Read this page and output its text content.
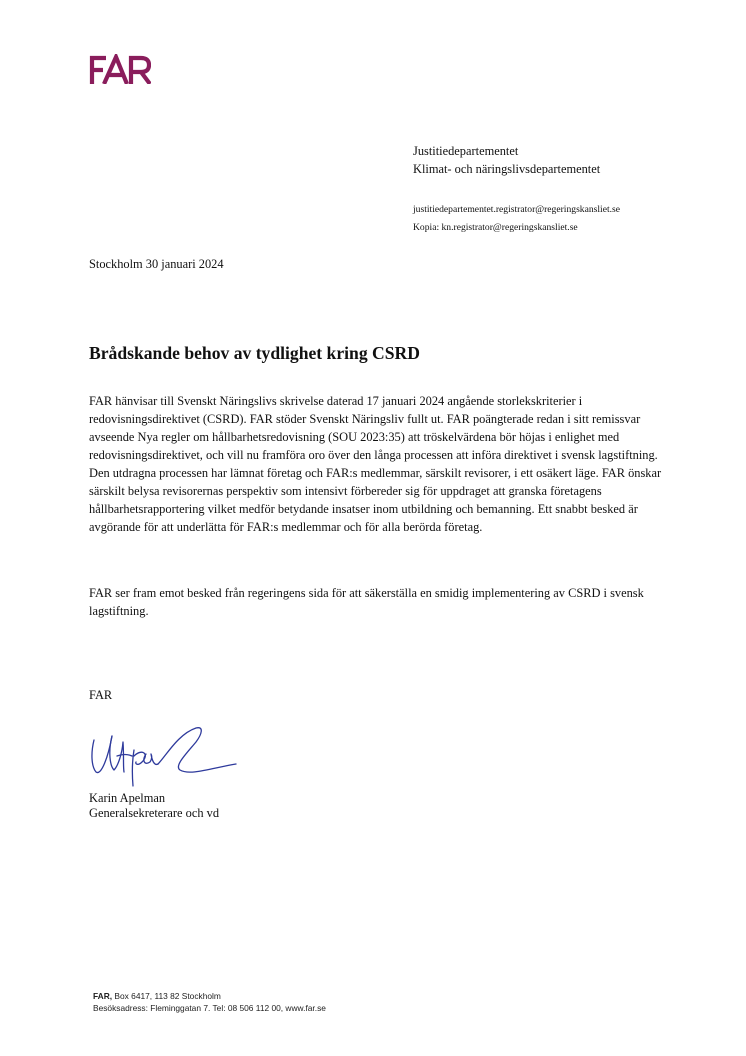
Justitiedepartementet
Klimat- och näringslivsdepartementet
justitiedepartementet.registrator@regeringskansliet.se
Kopia: kn.registrator@regeringskansliet.se
Stockholm 30 januari 2024
Brådskande behov av tydlighet kring CSRD

FAR hänvisar till Svenskt Näringslivs skrivelse daterad 17 januari 2024 angående storlekskriterier i redovisningsdirektivet (CSRD). FAR stöder Svenskt Näringsliv fullt ut. FAR poängterade redan i sitt remissvar avseende Nya regler om hållbarhetsredovisning (SOU 2023:35) att tröskelvärdena bör höjas i enlighet med redovisningsdirektivet, och vill nu framföra oro över den långa processen att införa direktivet i svensk lagstiftning. Den utdragna processen har lämnat företag och FAR:s medlemmar, särskilt revisorer, i ett osäkert läge. FAR önskar särskilt belysa revisorernas perspektiv som intensivt förbereder sig för uppdraget att granska företagens hållbarhetsrapportering vilket medför betydande insatser inom utbildning och bemanning. Ett snabbt besked är avgörande för att underlätta för FAR:s medlemmar och för alla berörda företag.

FAR ser fram emot besked från regeringens sida för att säkerställa en smidig implementering av CSRD i svensk lagstiftning.

FAR
Karin Apelman
Generalsekreterare och vd
FAR, Box 6417, 113 82 Stockholm
Besöksadress: Fleminggatan 7. Tel: 08 506 112 00, www.far.se
